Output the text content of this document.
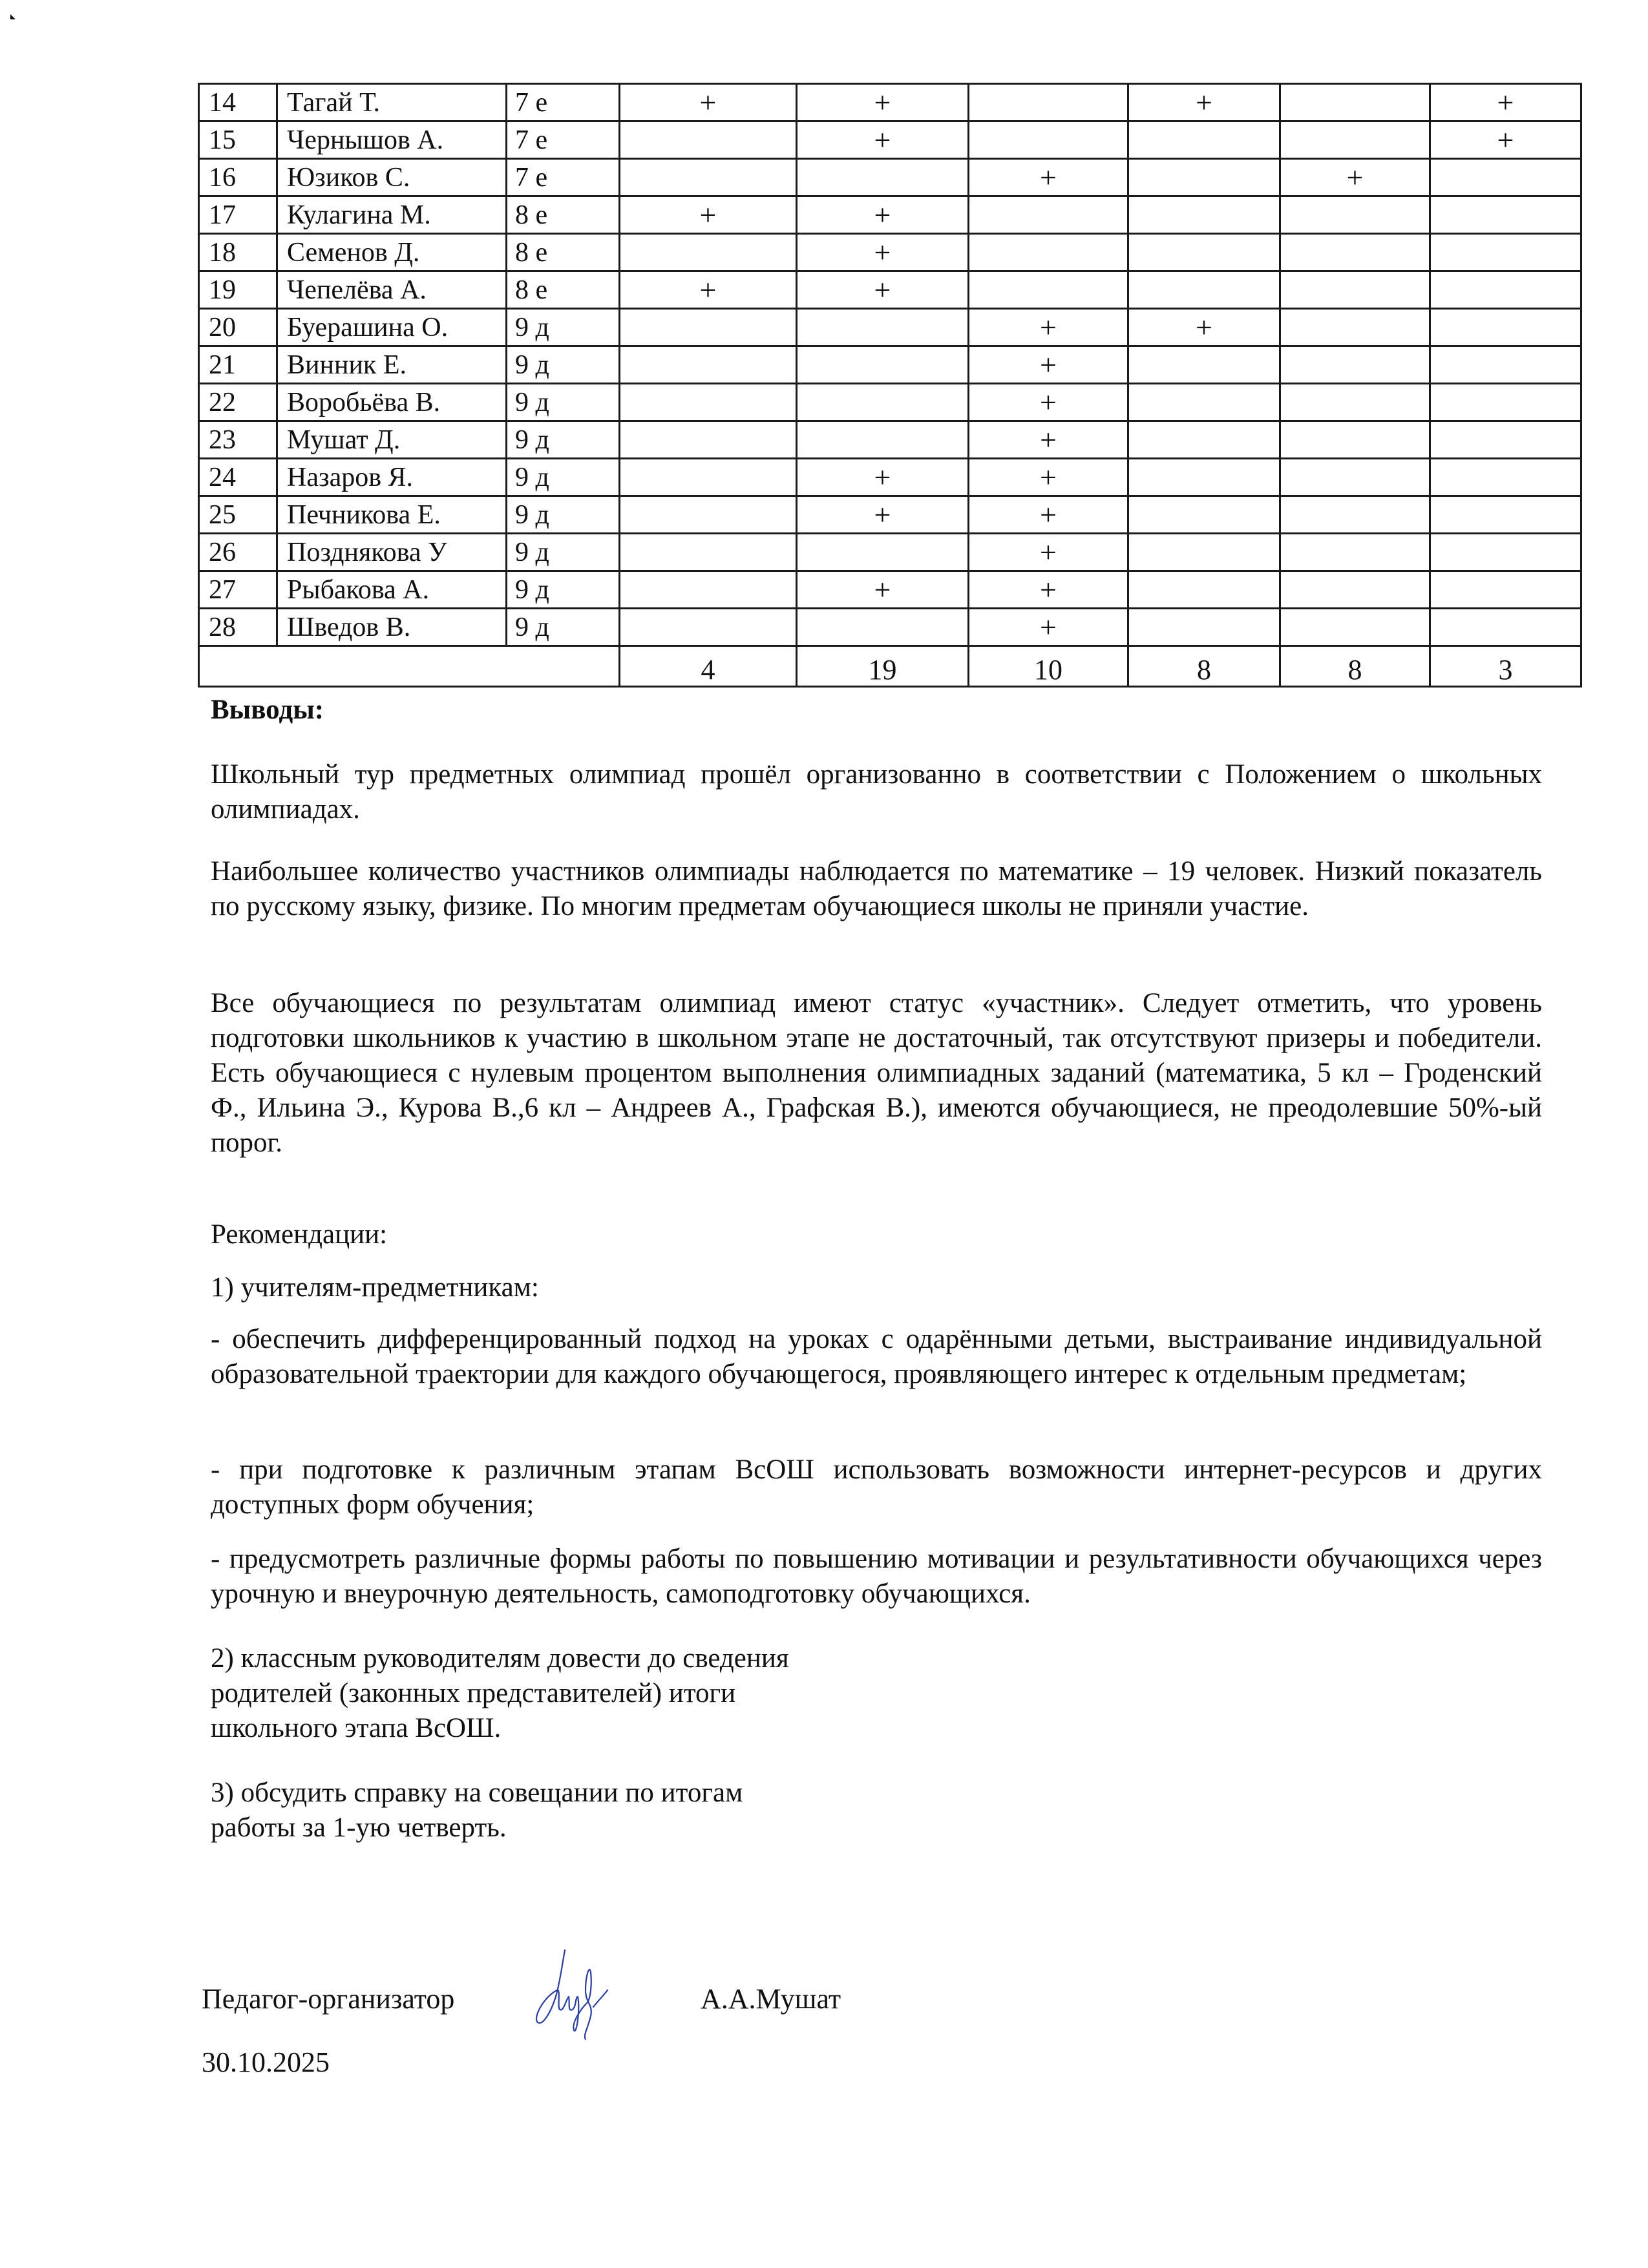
14	Тагай Т.	7 е	+	+		+		+
15	Чернышов А.	7 е		+				+
16	Юзиков С.	7 е			+		+	
17	Кулагина М.	8 е	+	+				
18	Семенов Д.	8 е		+				
19	Чепелёва А.	8 е	+	+				
20	Буерашина О.	9 д			+	+		
21	Винник Е.	9 д			+			
22	Воробьёва В.	9 д			+			
23	Мушат Д.	9 д			+			
24	Назаров Я.	9 д		+	+			
25	Печникова Е.	9 д		+	+			
26	Позднякова У	9 д			+			
27	Рыбакова А.	9 д		+	+			
28	Шведов В.	9 д			+			
			4	19	10	8	8	3

Выводы:

Школьный тур предметных олимпиад прошёл организованно в соответствии с Положением о школьных олимпиадах.

Наибольшее количество участников олимпиады наблюдается по математике – 19 человек. Низкий показатель по русскому языку, физике. По многим предметам обучающиеся школы не приняли участие.

Все обучающиеся по результатам олимпиад имеют статус «участник». Следует отметить, что уровень подготовки школьников к участию в школьном этапе не достаточный, так отсутствуют призеры и победители. Есть обучающиеся с нулевым процентом выполнения олимпиадных заданий (математика, 5 кл – Гроденский Ф., Ильина Э., Курова В.,6 кл – Андреев А., Графская В.), имеются обучающиеся, не преодолевшие 50%-ый порог.

Рекомендации:

1) учителям-предметникам:

- обеспечить дифференцированный подход на уроках с одарёнными детьми, выстраивание индивидуальной образовательной траектории для каждого обучающегося, проявляющего интерес к отдельным предметам;

- при подготовке к различным этапам ВсОШ использовать возможности интернет-ресурсов и других доступных форм обучения;

- предусмотреть различные формы работы по повышению мотивации и результативности обучающихся через урочную и внеурочную деятельность, самоподготовку обучающихся.

2) классным руководителям довести до сведения

родителей (законных представителей) итоги

школьного этапа ВсОШ.

3) обсудить справку на совещании по итогам

работы за 1-ую четверть.

Педагог-организатор	А.А.Мушат
30.10.2025
